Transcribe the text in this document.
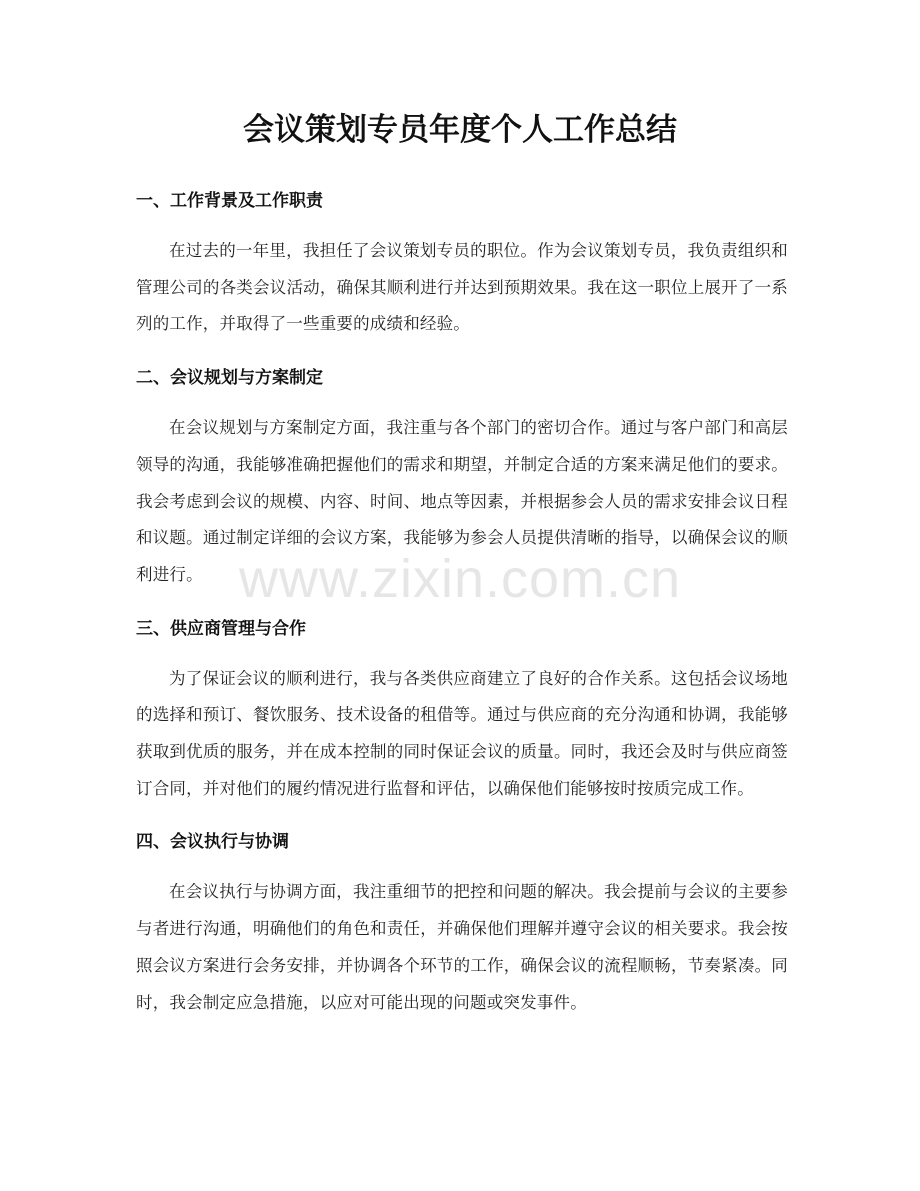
会议策划专员年度个人工作总结
一、工作背景及工作职责

在过去的一年里，我担任了会议策划专员的职位。作为会议策划专员，我负责组织和管理公司的各类会议活动，确保其顺利进行并达到预期效果。我在这一职位上展开了一系列的工作，并取得了一些重要的成绩和经验。

二、会议规划与方案制定

在会议规划与方案制定方面，我注重与各个部门的密切合作。通过与客户部门和高层领导的沟通，我能够准确把握他们的需求和期望，并制定合适的方案来满足他们的要求。我会考虑到会议的规模、内容、时间、地点等因素，并根据参会人员的需求安排会议日程和议题。通过制定详细的会议方案，我能够为参会人员提供清晰的指导，以确保会议的顺利进行。

三、供应商管理与合作

为了保证会议的顺利进行，我与各类供应商建立了良好的合作关系。这包括会议场地的选择和预订、餐饮服务、技术设备的租借等。通过与供应商的充分沟通和协调，我能够获取到优质的服务，并在成本控制的同时保证会议的质量。同时，我还会及时与供应商签订合同，并对他们的履约情况进行监督和评估，以确保他们能够按时按质完成工作。

四、会议执行与协调

在会议执行与协调方面，我注重细节的把控和问题的解决。我会提前与会议的主要参与者进行沟通，明确他们的角色和责任，并确保他们理解并遵守会议的相关要求。我会按照会议方案进行会务安排，并协调各个环节的工作，确保会议的流程顺畅，节奏紧凑。同时，我会制定应急措施，以应对可能出现的问题或突发事件。

www.zixin.com.cn
